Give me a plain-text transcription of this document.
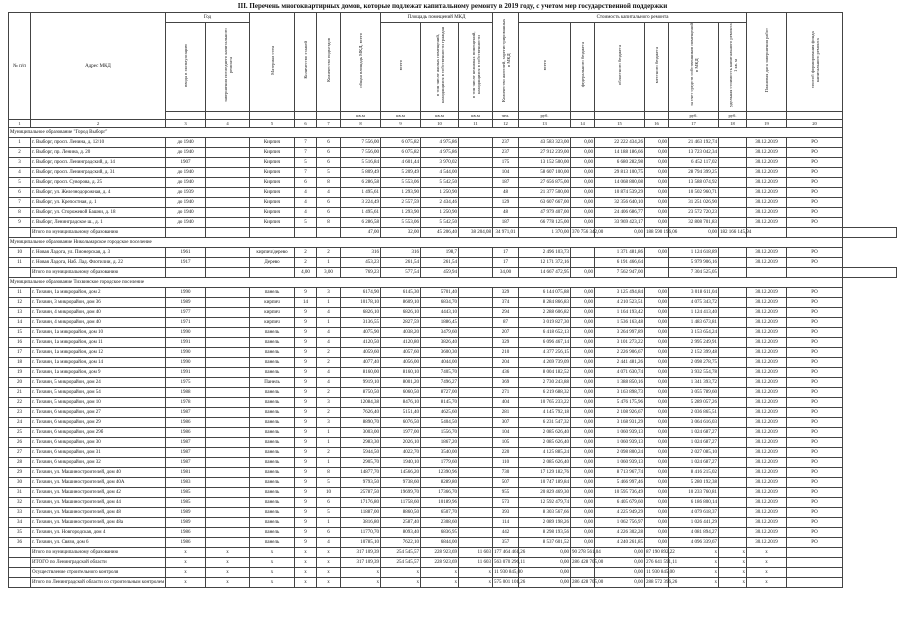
III. Перечень многоквартирных домов, которые подлежат капитальному ремонту в 2019 году, с учетом мер государственной поддержки
№ п/п	Адрес МКД	Год		Материал стен	Количество этажей	Количество подъездов	общая площадь МКД, всего	Площадь помещений МКД			Количество жителей, зарегистрированных в МКД	Стоимость капитального ремонта						Плановая дата завершения работ	способ формирования фонда капитального ремонта	
		ввода в эксплуатацию	завершения последнего капитального ремонта					всего	в том числе жилых помещений, находящихся в собственности граждан	в том числе нежилых помещений, находящихся в собственности		всего	федерального бюджета	областного бюджета	местного бюджета	за счет средств собственников помещений в МКД	удельная стоимость капитального ремонта 1 кв. м			
							кв.м	кв.м	кв.м	кв.м	чел.	руб.				руб.	руб.			
1	2	3	4	5	6	7	8	9	10	11	12	13	14	15	16	17	18	19	20	
Муниципальное образование "Город Выборг"																				
1	г. Выборг, просп. Ленина, д. 12/10	до 1940		Кирпич	7	6	7 556,00	6 075,82	4 975,86		237	43 583 323,00	0,00	22 222 434,26	0,00	21 463 192,74		30.12.2019	РО	
2	г. Выборг, пр. Ленина, д. 20	до 1940		Кирпич	7	6	7 556,00	6 075,82	4 975,86		237	27 912 239,00	0,00	14 188 186,66	0,00	13 723 042,34		30.12.2019	РО	
3	г. Выборг, просп. Ленинградский, д. 14	1907		Кирпич	5	6	5 516,84	4 601,44	3 970,02		175	13 152 500,00	0,00	6 680 282,98	0,00	6 452 117,02		30.12.2019	РО	
4	г. Выборг, просп. Ленинградский, д. 31	до 1940		Кирпич	7	5	5 809,49	5 209,49	4 544,00		104	58 607 100,00	0,00	29 813 100,75	0,00	28 794 399,25		30.12.2019	РО	
5	г. Выборг, просп. Суворова, д. 25	до 1940		Кирпич	6	8	6 286,58	5 553,06	5 542,50		187	27 656 875,00	0,00	14 068 800,08	0,00	13 588 074,92		30.12.2019	РО	
6	г. Выборг, ул. Железнодорожная, д. 4	до 1939		Кирпич	4	4	1 495,61	1 293,90	1 250,90		48	21 377 500,00	0,00	10 874 539,29	0,00	10 502 960,71		30.12.2019	РО	
7	г. Выборг, ул. Крепостная, д. 1	до 1940		Кирпич	4	6	3 224,49	2 557,59	2 434,46		129	63 607 667,00	0,00	32 356 640,10	0,00	31 251 026,90		30.12.2019	РО	
8	г. Выборг, ул. Сторожевой Башни, д. 18	до 1940		Кирпич	4	6	1 495,61	1 293,90	1 250,90		48	47 979 407,00	0,00	24 406 686,77	0,00	23 572 720,23		30.12.2019	РО	
9	г. Выборг, Ленинградское ш., д. 1	до 1940		Кирпич	5	8	6 286,58	5 553,06	5 542,50		187	66 778 125,00	0,00	33 969 423,17	0,00	32 808 701,83		30.12.2019	РО	
	Итого по муниципальному образованию						47,00	32,00	45 206,40	38 204,08	34 971,01	1 370,00	370 756 342,00	0,00	188 590 196,06	0,00	182 166 145,94			
Муниципальное образование Никольмарское городское поселение																				
10	г. Новая Ладога, ул. Пионерская, д. 3	1961		кирпич/дерево	2	2	316	316	198,7		17	2 496 103,73		1 371 481,86	0,00	1 124 618,89		30.12.2019	РО	
11	г. Новая Ладога, Наб. Лад. Флотилии, д. 22	1917		Дерево	2	1	453,23	261,54	261,54		17	12 171 372,16		6 191 466,64		5 979 906,16		30.12.2019	РО	
	Итого по муниципальному образованию				4,00	3,00	769,23	577,54	459,94		34,00	14 667 472,95	0,00	7 562 947,00		7 304 525,05				
Муниципальное образование Тихвинское городское поселение																				
11	г. Тихвин, 1а микрорайон, дом 2	1990		панель	9	3	6174,90	6145,30	5701,40		329	6 144 075,88	0,00	3 125 494,84	0,00	3 018 611,04		30.12.2019	РО	
12	г. Тихвин, 3 микрорайон, дом 36	1989		кирпич	14	1	10178,10	8609,10	6834,70		374	8 284 866,83	0,00	4 210 523,51	0,00	4 075 343,72		30.12.2019	РО	
13	г. Тихвин, 4 микрорайон, дом 40	1977		кирпич	9	4	6826,10	6826,10	4443,10		294	2 288 606,82	0,00	1 164 193,42	0,00	1 124 413,40		30.12.2019	РО	
14	г. Тихвин, 4 микрорайон, дом 40	1971		кирпич	9	1	3136,55	2827,59	1886,45		87	3 019 827,30	0,00	1 536 163,48	0,00	1 483 673,81		30.12.2019	РО	
15	г. Тихвин, 1а микрорайон, дом 10	1990		панель	9	4	4075,90	4038,20	3479,60		207	6 418 652,13	0,00	3 264 997,89	0,00	3 153 654,24		30.12.2019	РО	
16	г. Тихвин, 1а микрорайон, дом 11	1991		панель	9	4	4120,50	4120,80	3826,40		329	6 096 467,14	0,00	3 101 273,22	0,00	2 995 249,91		30.12.2019	РО	
17	г. Тихвин, 1а микрорайон, дом 12	1990		панель	9	2	4059,60	4057,60	3600,30		210	4 377 256,15	0,00	2 226 906,67	0,00	2 152 399,48		30.12.2019	РО	
18	г. Тихвин, 1а микрорайон, дом 14	1990		панель	9	2	4077,40	4056,00	4044,00		204	4 269 739,09	0,00	2 441 481,26	0,00	2 098 278,75		30.12.2019	РО	
19	г. Тихвин, 1а микрорайон, дом 9	1991		панель	9	4	8160,00	8160,10	7405,70		436	8 004 182,52	0,00	4 071 630,74	0,00	3 932 554,78		30.12.2019	РО	
20	г. Тихвин, 5 микрорайон, дом 24	1975		Панель	9	4	9919,10	8001,20	7496,27		369	2 730 243,88	0,00	1 388 850,16	0,00	1 341 393,72		30.12.2019	РО	
21	г. Тихвин, 5 микрорайон, дом 54	1988		панель	9	2	8750,50	6060,50	8727,00		271	6 219 688,32	0,00	3 163 898,73	0,00	3 055 789,60		30.12.2019	РО	
22	г. Тихвин, 5 микрорайон, дом 10	1978		панель	9	3	12084,38	8476,10	8145,70		404	10 765 233,22	0,00	5 476 175,96	0,00	5 289 057,26		30.12.2019	РО	
23	г. Тихвин, 6 микрорайон, дом 27	1987		панель	9	2	7626,40	5151,40	4625,60		281	4 145 792,18	0,00	2 108 926,67	0,00	2 036 865,51		30.12.2019	РО	
24	г. Тихвин, 6 микрорайон, дом 29	1986		панель	9	3	8890,70	6076,50	5404,50		307	6 231 547,32	0,00	3 168 931,29	0,00	3 064 616,03		30.12.2019	РО	
25	г. Тихвин, 6 микрорайон, дом 29б	1986		панель	9	1	3003,00	1977,00	1556,70		104	2 085 626,40	0,00	1 060 939,13	0,00	1 024 687,27		30.12.2019	РО	
26	г. Тихвин, 6 микрорайон, дом 30	1987		панель	9	1	2983,30	2026,10	1867,20		105	2 085 626,40	0,00	1 060 939,13	0,00	1 024 687,27		30.12.2019	РО	
27	г. Тихвин, 6 микрорайон, дом 31	1987		панель	9	2	5944,50	4022,70	3540,00		220	4 125 885,24	0,00	2 098 800,24	0,00	2 027 085,10		30.12.2019	РО	
28	г. Тихвин, 6 микрорайон, дом 32	1987		панель	9	1	2905,70	1940,10	1779,60		110	2 085 626,40	0,00	1 060 939,13	0,00	1 024 687,27		30.12.2019	РО	
29	г. Тихвин, ул. Машиностроителей, дом 40	1981		панель	9	8	14877,70	14566,20	12390,96		730	17 129 182,76	0,00	8 713 967,74	0,00	8 416 215,02		30.12.2019	РО	
30	г. Тихвин, ул. Машиностроителей, дом 40А	1983		панель	9	5	9793,50	9738,60	8289,80		507	10 747 189,84	0,00	5 466 997,46	0,00	5 280 192,38		30.12.2019	РО	
31	г. Тихвин, ул. Машиностроителей, дом 42	1985		панель	9	10	25787,50	19699,70	17366,70		955	20 829 469,30	0,00	10 595 736,49	0,00	10 233 760,81		30.12.2019	РО	
32	г. Тихвин, ул. Машиностроителей, дом 44	1985		панель	9	6	17176,80	11758,60	10189,96		573	12 592 479,74	0,00	6 405 679,60	0,00	6 186 800,14		30.12.2019	РО	
33	г. Тихвин, ул. Машиностроителей, дом 48	1989		панель	9	5	11887,00	8860,50	6507,70		393	8 303 567,66	0,00	4 225 949,29	0,00	4 079 618,37		30.12.2019	РО	
34	г. Тихвин, ул. Машиностроителей, дом 48а	1989		панель	9	1	3816,80	2587,40	2308,60		114	2 089 198,26	0,00	1 062 756,97	0,00	1 026 441,29		30.12.2019	РО	
35	г. Тихвин, ул. Новгородская, дом 4	1986		панель	9	6	11770,70	8093,40	6836,95		442	8 298 193,56	0,00	4 226 302,28	0,00	4 081 894,27		30.12.2019	РО	
36	г. Тихвин, ул. Связи, дом 6	1986		панель	9	4	10785,10	7622,10	6844,00		357	8 537 601,52	0,00	4 240 261,85	0,00	4 096 339,67		30.12.2019	РО	
	Итого по муниципальному образованию	x	x	x	x	x	317 109,39	254 545,57	228 923,69	11 603	177 464 461,26	0,00	90 278 561,04	0,00	87 190 892,22	x	x	x		
	ИТОГО по Ленинградской области	x	x	x	x	x	317 109,39	254 545,57	228 923,69	11 603	563 070 296,11	0,00	286 428 705,00	0,00	276 641 591,11	x	x	x		
	Осуществление строительного контроля	x	x	x	x	x	x	x	x	x	11 930 845,00	0,00		0,00	11 930 845,00	x	x	x		
	Итого по Ленинградской области со строительным контролем	x	x	x	x	x	x	x	x	x	575 001 101,26	0,00	286 428 705,00	0,00	288 572 396,26	x	x	x		
